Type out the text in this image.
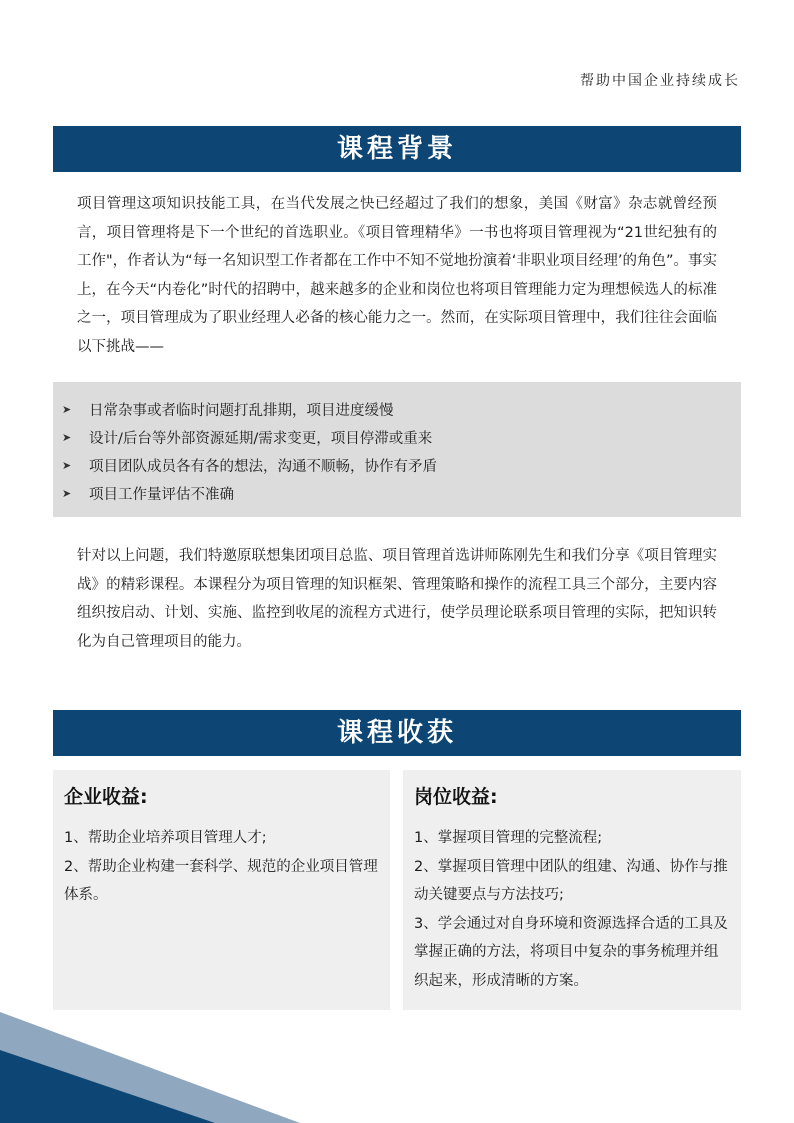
帮助中国企业持续成长
课程背景
项目管理这项知识技能工具，在当代发展之快已经超过了我们的想象，美国《财富》杂志就曾经预言，项目管理将是下一个世纪的首选职业。《项目管理精华》一书也将项目管理视为“21世纪独有的工作"，作者认为“每一名知识型工作者都在工作中不知不觉地扮演着‘非职业项目经理’的角色”。事实上，在今天“内卷化”时代的招聘中，越来越多的企业和岗位也将项目管理能力定为理想候选人的标准之一，项目管理成为了职业经理人必备的核心能力之一。然而，在实际项目管理中，我们往往会面临以下挑战——
➤	日常杂事或者临时问题打乱排期，项目进度缓慢
➤	设计/后台等外部资源延期/需求变更，项目停滞或重来
➤	项目团队成员各有各的想法，沟通不顺畅，协作有矛盾
➤	项目工作量评估不准确
针对以上问题，我们特邀原联想集团项目总监、项目管理首选讲师陈刚先生和我们分享《项目管理实战》的精彩课程。本课程分为项目管理的知识框架、管理策略和操作的流程工具三个部分，主要内容组织按启动、计划、实施、监控到收尾的流程方式进行，使学员理论联系项目管理的实际，把知识转化为自己管理项目的能力。
课程收获
企业收益:

1、帮助企业培养项目管理人才;

2、帮助企业构建一套科学、规范的企业项目管理体系。

岗位收益:

1、掌握项目管理的完整流程;

2、掌握项目管理中团队的组建、沟通、协作与推动关键要点与方法技巧;

3、学会通过对自身环境和资源选择合适的工具及掌握正确的方法，将项目中复杂的事务梳理并组织起来，形成清晰的方案。
